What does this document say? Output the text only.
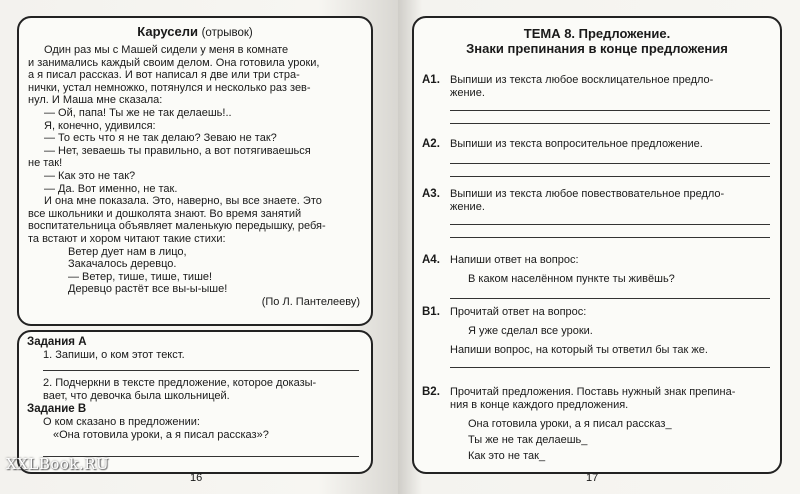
Карусели (отрывок)
Один раз мы с Машей сидели у меня в комнате
и занимались каждый своим делом. Она готовила уроки,
а я писал рассказ. И вот написал я две или три стра-
нички, устал немножко, потянулся и несколько раз зев-
нул. И Маша мне сказала:
— Ой, папа! Ты же не так делаешь!..
Я, конечно, удивился:
— То есть что я не так делаю? Зеваю не так?
— Нет, зеваешь ты правильно, а вот потягиваешься
не так!
— Как это не так?
— Да. Вот именно, не так.
И она мне показала. Это, наверно, вы все знаете. Это
все школьники и дошколята знают. Во время занятий
воспитательница объявляет маленькую передышку, ребя-
та встают и хором читают такие стихи:
Ветер дует нам в лицо,
Закачалось деревцо.
— Ветер, тише, тише, тише!
Деревцо растёт все вы-ы-ыше!
(По Л. Пантелееву)
Задания А
1. Запиши, о ком этот текст.
2. Подчеркни в тексте предложение, которое доказы-
вает, что девочка была школьницей.
Задание В
О ком сказано в предложении:
«Она готовила уроки, а я писал рассказ»?
16
XXLBook.RU
ТЕМА 8. Предложение.
Знаки препинания в конце предложения
А1. Выпиши из текста любое восклицательное предло-
жение.
А2. Выпиши из текста вопросительное предложение.
А3. Выпиши из текста любое повествовательное предло-
жение.
А4. Напиши ответ на вопрос:
В каком населённом пункте ты живёшь?
В1. Прочитай ответ на вопрос:
Я уже сделал все уроки.
Напиши вопрос, на который ты ответил бы так же.
В2. Прочитай предложения. Поставь нужный знак препина-
ния в конце каждого предложения.
Она готовила уроки, а я писал рассказ_
Ты же не так делаешь_
Как это не так_
17
